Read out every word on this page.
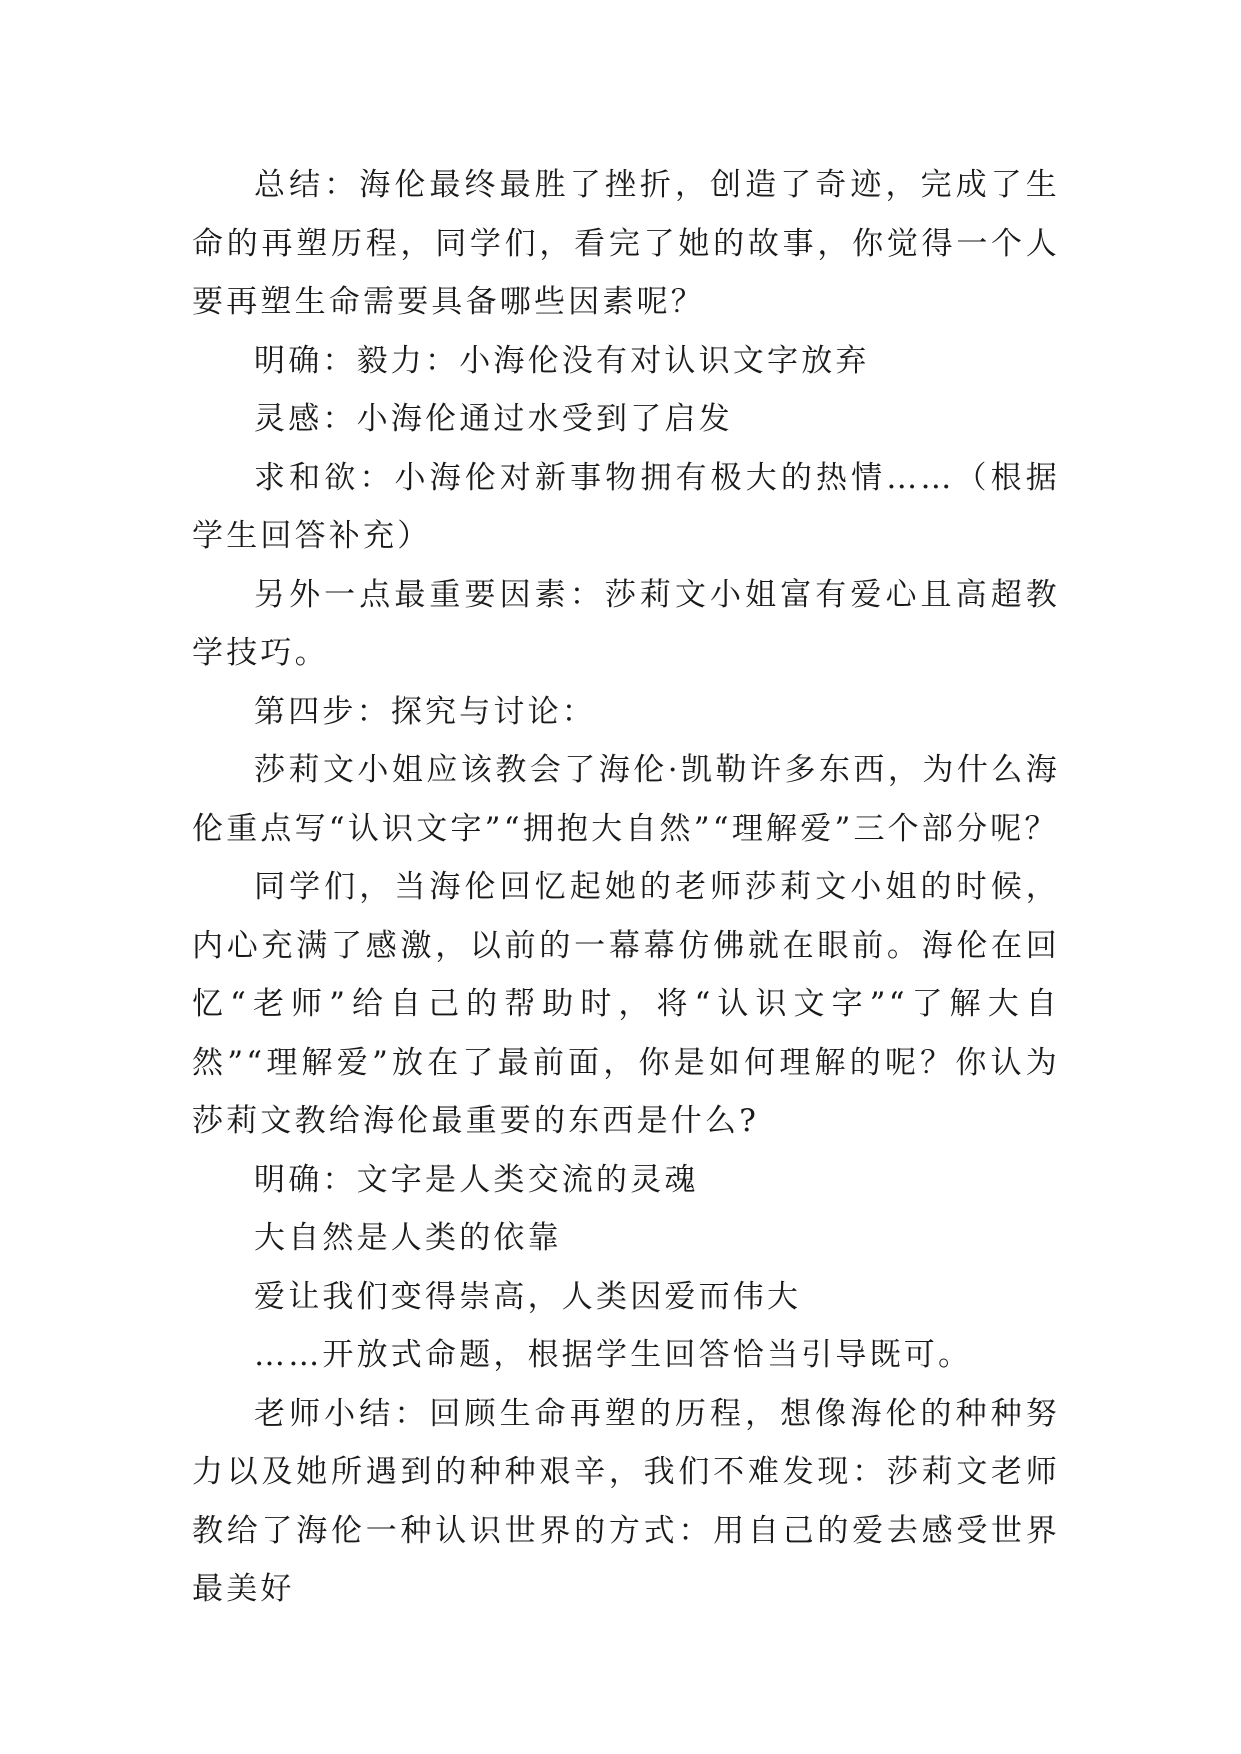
总结：海伦最终最胜了挫折，创造了奇迹，完成了生命的再塑历程，同学们，看完了她的故事，你觉得一个人要再塑生命需要具备哪些因素呢？

明确：毅力：小海伦没有对认识文字放弃

灵感：小海伦通过水受到了启发

求和欲：小海伦对新事物拥有极大的热情……（根据学生回答补充）

另外一点最重要因素：莎莉文小姐富有爱心且高超教学技巧。

第四步：探究与讨论：

莎莉文小姐应该教会了海伦·凯勒许多东西，为什么海伦重点写“认识文字”“拥抱大自然”“理解爱”三个部分呢？

同学们，当海伦回忆起她的老师莎莉文小姐的时候，内心充满了感激，以前的一幕幕仿佛就在眼前。海伦在回忆“老师”给自己的帮助时，将“认识文字”“了解大自然”“理解爱”放在了最前面，你是如何理解的呢？你认为莎莉文教给海伦最重要的东西是什么?

明确：文字是人类交流的灵魂

大自然是人类的依靠

爱让我们变得崇高，人类因爱而伟大

……开放式命题，根据学生回答恰当引导既可。

老师小结：回顾生命再塑的历程，想像海伦的种种努力以及她所遇到的种种艰辛，我们不难发现：莎莉文老师教给了海伦一种认识世界的方式：用自己的爱去感受世界最美好
